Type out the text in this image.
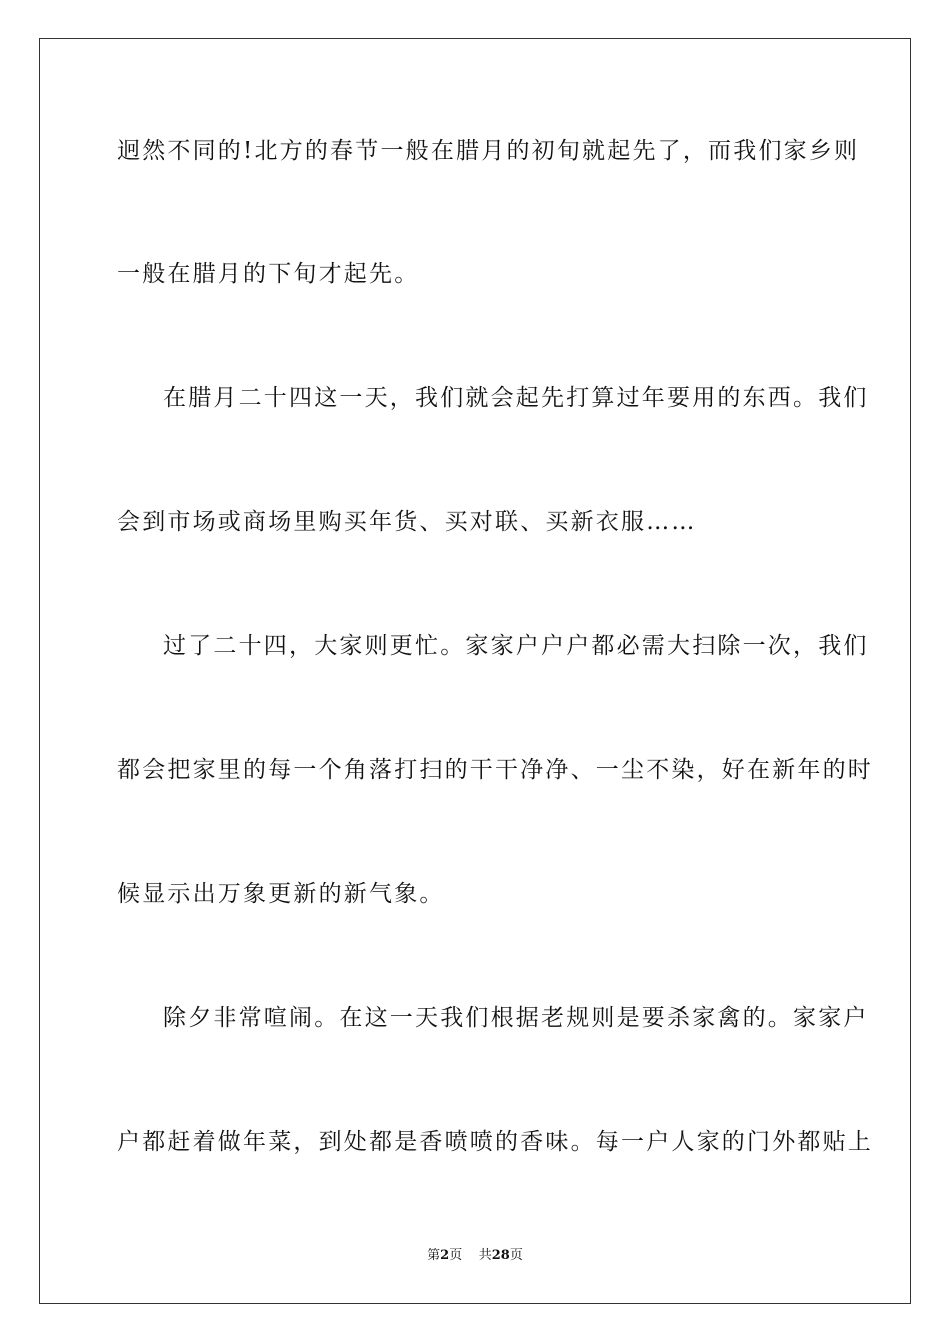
迥然不同的!北方的春节一般在腊月的初旬就起先了，而我们家乡则
一般在腊月的下旬才起先。
在腊月二十四这一天，我们就会起先打算过年要用的东西。我们
会到市场或商场里购买年货、买对联、买新衣服……
过了二十四，大家则更忙。家家户户户都必需大扫除一次，我们
都会把家里的每一个角落打扫的干干净净、一尘不染，好在新年的时
候显示出万象更新的新气象。
除夕非常喧闹。在这一天我们根据老规则是要杀家禽的。家家户
户都赶着做年菜，到处都是香喷喷的香味。每一户人家的门外都贴上
第2页 共28页
